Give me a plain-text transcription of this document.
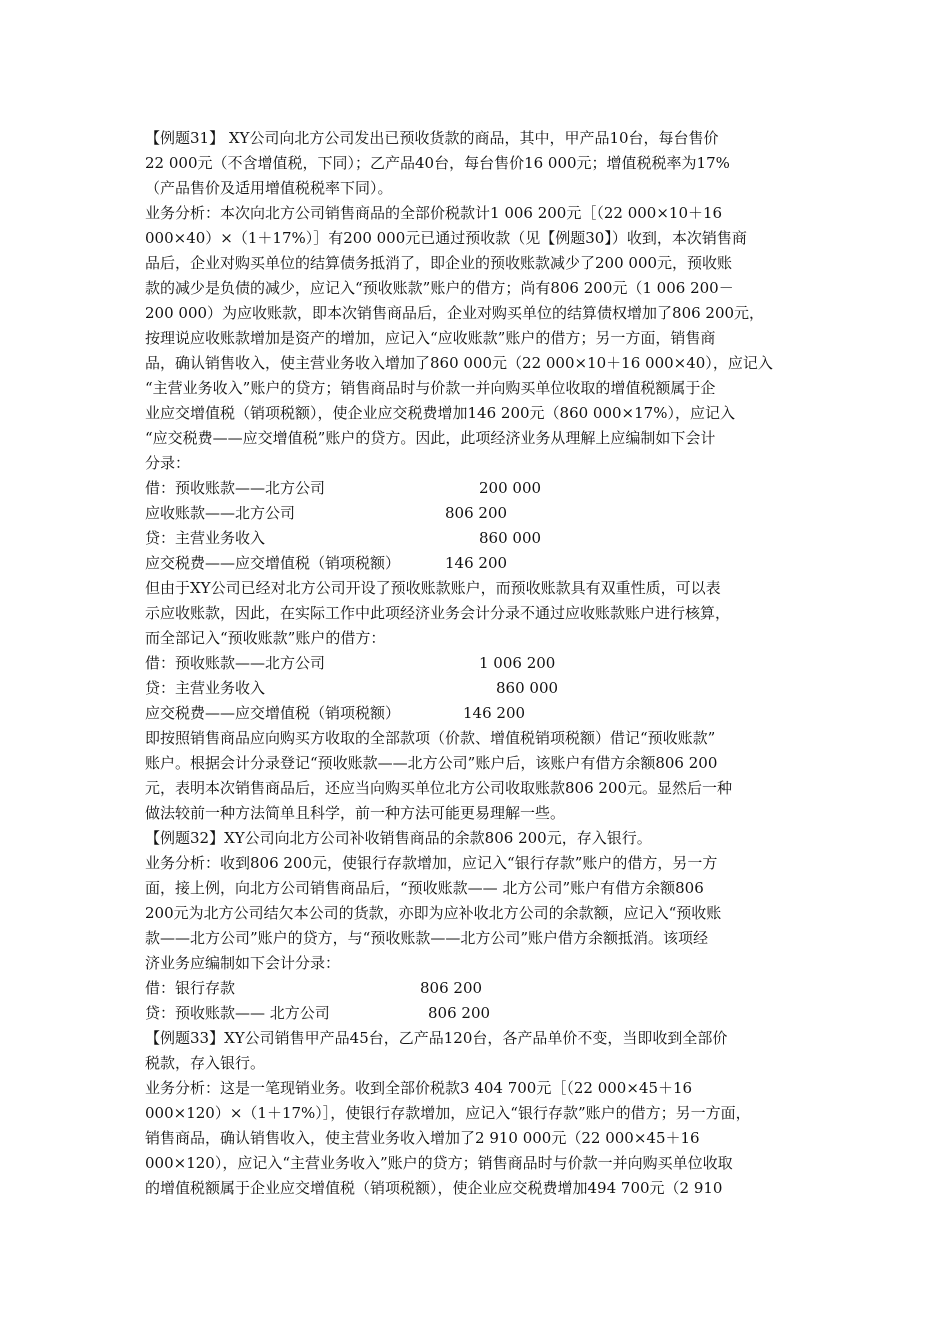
【例题31】 XY公司向北方公司发出已预收货款的商品，其中，甲产品10台，每台售价
22 000元（不含增值税，下同）；乙产品40台，每台售价16 000元；增值税税率为17%
（产品售价及适用增值税税率下同）。
业务分析：本次向北方公司销售商品的全部价税款计1 006 200元［（22 000×10＋16
000×40）×（1＋17%）］有200 000元已通过预收款（见【例题30】）收到，本次销售商
品后，企业对购买单位的结算债务抵消了，即企业的预收账款减少了200 000元，预收账
款的减少是负债的减少，应记入“预收账款”账户的借方；尚有806 200元（1 006 200－
200 000）为应收账款，即本次销售商品后，企业对购买单位的结算债权增加了806 200元，
按理说应收账款增加是资产的增加，应记入“应收账款”账户的借方；另一方面，销售商
品，确认销售收入，使主营业务收入增加了860 000元（22 000×10＋16 000×40），应记入
“主营业务收入”账户的贷方；销售商品时与价款一并向购买单位收取的增值税额属于企
业应交增值税（销项税额），使企业应交税费增加146 200元（860 000×17%），应记入
“应交税费——应交增值税”账户的贷方。因此，此项经济业务从理解上应编制如下会计
分录：
借：预收账款——北方公司	200 000
应收账款——北方公司	806 200
贷：主营业务收入	860 000
应交税费——应交增值税（销项税额）	146 200
但由于XY公司已经对北方公司开设了预收账款账户，而预收账款具有双重性质，可以表
示应收账款，因此，在实际工作中此项经济业务会计分录不通过应收账款账户进行核算，
而全部记入“预收账款”账户的借方：
借：预收账款——北方公司	1 006 200
贷：主营业务收入	860 000
应交税费——应交增值税（销项税额）	146 200
即按照销售商品应向购买方收取的全部款项（价款、增值税销项税额）借记“预收账款”
账户。根据会计分录登记“预收账款——北方公司”账户后，该账户有借方余额806 200
元，表明本次销售商品后，还应当向购买单位北方公司收取账款806 200元。显然后一种
做法较前一种方法简单且科学，前一种方法可能更易理解一些。
【例题32】XY公司向北方公司补收销售商品的余款806 200元，存入银行。
业务分析：收到806 200元，使银行存款增加，应记入“银行存款”账户的借方，另一方
面，接上例，向北方公司销售商品后，“预收账款—— 北方公司”账户有借方余额806
200元为北方公司结欠本公司的货款，亦即为应补收北方公司的余款额，应记入“预收账
款——北方公司”账户的贷方，与“预收账款——北方公司”账户借方余额抵消。该项经
济业务应编制如下会计分录：
借：银行存款	806 200
贷：预收账款—— 北方公司	806 200
【例题33】XY公司销售甲产品45台，乙产品120台，各产品单价不变，当即收到全部价
税款，存入银行。
业务分析：这是一笔现销业务。收到全部价税款3 404 700元［（22 000×45＋16
000×120）×（1＋17%）］，使银行存款增加，应记入“银行存款”账户的借方；另一方面，
销售商品，确认销售收入，使主营业务收入增加了2 910 000元（22 000×45＋16
000×120），应记入“主营业务收入”账户的贷方；销售商品时与价款一并向购买单位收取
的增值税额属于企业应交增值税（销项税额），使企业应交税费增加494 700元（2 910
